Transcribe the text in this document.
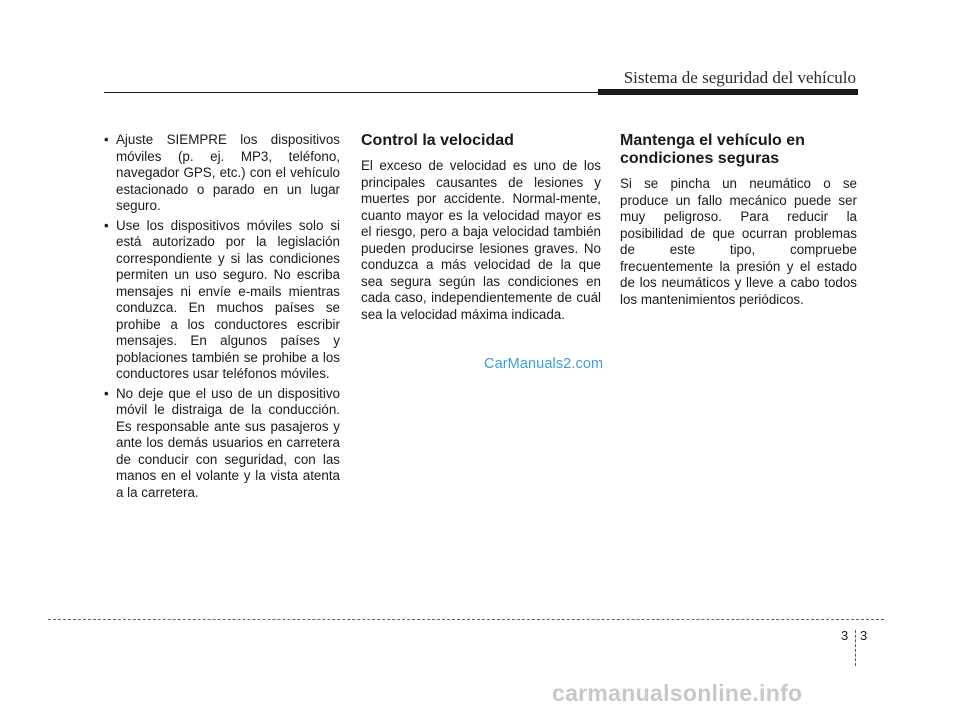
Sistema de seguridad del vehículo
• Ajuste SIEMPRE los dispositivos móviles (p. ej. MP3, teléfono, navegador GPS, etc.) con el vehículo estacionado o parado en un lugar seguro.
• Use los dispositivos móviles solo si está autorizado por la legislación correspondiente y si las condiciones permiten un uso seguro. No escriba mensajes ni envíe e-mails mientras conduzca. En muchos países se prohibe a los conductores escribir mensajes. En algunos países y poblaciones también se prohibe a los conductores usar teléfonos móviles.
• No deje que el uso de un dispositivo móvil le distraiga de la conducción. Es responsable ante sus pasajeros y ante los demás usuarios en carretera de conducir con seguridad, con las manos en el volante y la vista atenta a la carretera.
Control la velocidad

El exceso de velocidad es uno de los principales causantes de lesiones y muertes por accidente. Normal-mente, cuanto mayor es la velocidad mayor es el riesgo, pero a baja velocidad también pueden producirse lesiones graves. No conduzca a más velocidad de la que sea segura según las condiciones en cada caso, independientemente de cuál sea la velocidad máxima indicada.

Mantenga el vehículo en condiciones seguras

Si se pincha un neumático o se produce un fallo mecánico puede ser muy peligroso. Para reducir la posibilidad de que ocurran problemas de este tipo, compruebe frecuentemente la presión y el estado de los neumáticos y lleve a cabo todos los mantenimientos periódicos.

CarManuals2.com
3 3
carmanualsonline.info
